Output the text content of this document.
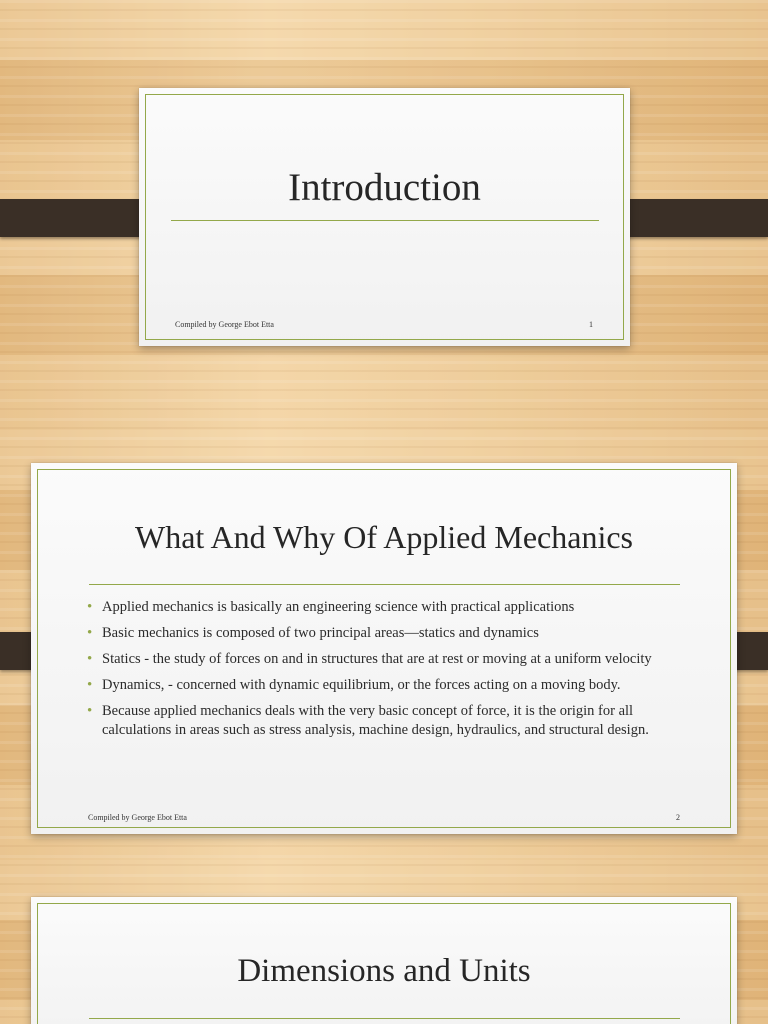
Introduction
Compiled by George Ebot Etta	1
What And Why Of Applied Mechanics
• Applied mechanics is basically an engineering science with practical applications
• Basic mechanics is composed of two principal areas—statics and dynamics
• Statics - the study of forces on and in structures that are at rest or moving at a uniform velocity
• Dynamics, - concerned with dynamic equilibrium, or the forces acting on a moving body.
• Because applied mechanics deals with the very basic concept of force, it is the origin for all calculations in areas such as stress analysis, machine design, hydraulics, and structural design.
Compiled by George Ebot Etta	2
Dimensions and Units
